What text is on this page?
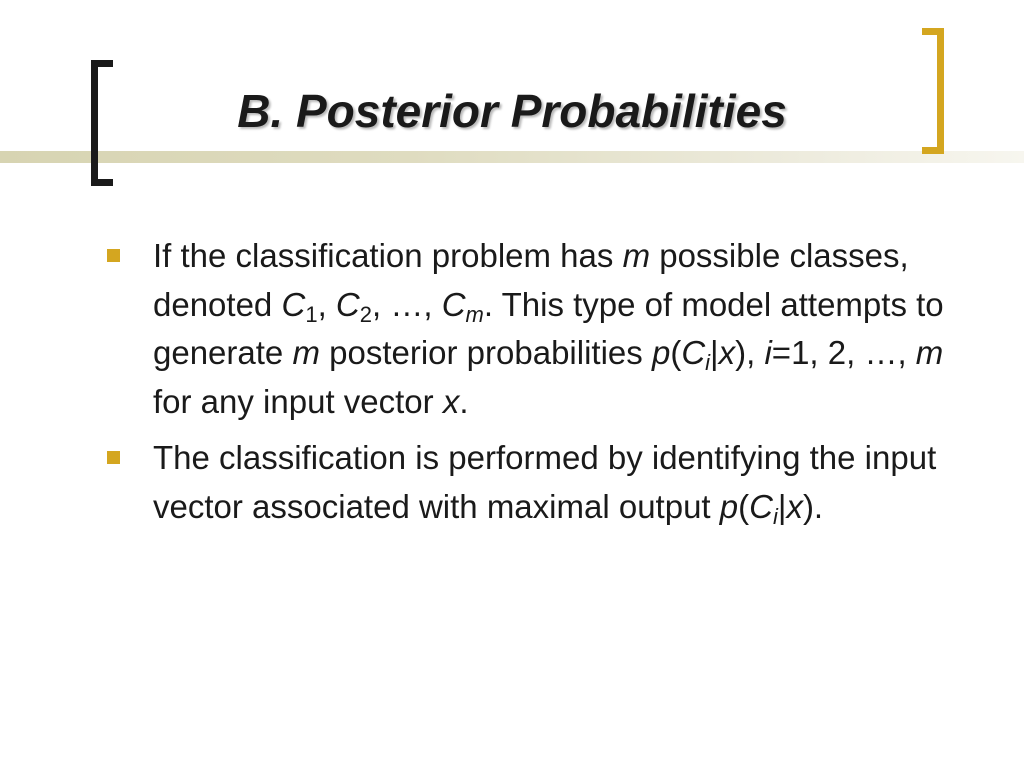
B. Posterior Probabilities
If the classification problem has m possible classes, denoted $C_1$, $C_2$, …, $C_m$. This type of model attempts to generate m posterior probabilities $p(C_i|x)$, i=1, 2, …, m for any input vector x.
The classification is performed by identifying the input vector associated with maximal output $p(C_i|x)$.
